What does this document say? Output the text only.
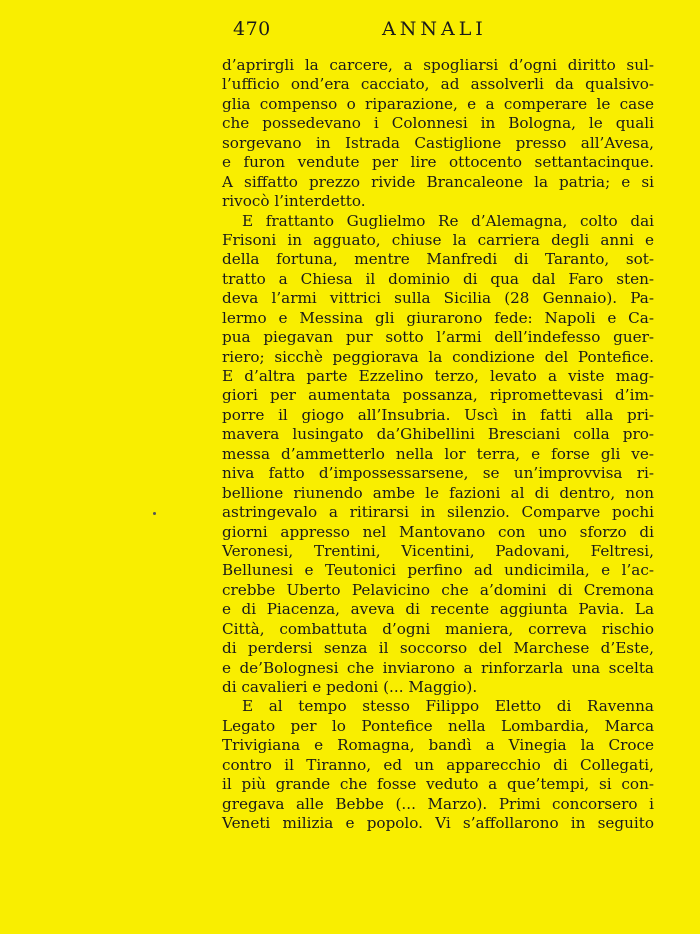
470	ANNALI
d’aprirgli la carcere, a spogliarsi d’ogni diritto sul-
l’ufficio ond’era cacciato, ad assolverli da qualsivo-
glia compenso o riparazione, e a comperare le case
che possedevano i Colonnesi in Bologna, le quali
sorgevano in Istrada Castiglione presso all’Avesa,
e furon vendute per lire ottocento settantacinque.
A siffatto prezzo rivide Brancaleone la patria; e si
rivocò l’interdetto.
E frattanto Guglielmo Re d’Alemagna, colto dai
Frisoni in agguato, chiuse la carriera degli anni e
della fortuna, mentre Manfredi di Taranto, sot-
tratto a Chiesa il dominio di qua dal Faro sten-
deva l’armi vittrici sulla Sicilia (28 Gennaio). Pa-
lermo e Messina gli giurarono fede: Napoli e Ca-
pua piegavan pur sotto l’armi dell’indefesso guer-
riero; sicchè peggiorava la condizione del Pontefice.
E d’altra parte Ezzelino terzo, levato a viste mag-
giori per aumentata possanza, ripromettevasi d’im-
porre il giogo all’Insubria. Uscì in fatti alla pri-
mavera lusingato da’Ghibellini Bresciani colla pro-
messa d’ammetterlo nella lor terra, e forse gli ve-
niva fatto d’impossessarsene, se un’improvvisa ri-
bellione riunendo ambe le fazioni al di dentro, non
astringevalo a ritirarsi in silenzio. Comparve pochi
giorni appresso nel Mantovano con uno sforzo di
Veronesi, Trentini, Vicentini, Padovani, Feltresi,
Bellunesi e Teutonici perfino ad undicimila, e l’ac-
crebbe Uberto Pelavicino che a’domini di Cremona
e di Piacenza, aveva di recente aggiunta Pavia. La
Città, combattuta d’ogni maniera, correva rischio
di perdersi senza il soccorso del Marchese d’Este,
e de’Bolognesi che inviarono a rinforzarla una scelta
di cavalieri e pedoni (... Maggio).
E al tempo stesso Filippo Eletto di Ravenna
Legato per lo Pontefice nella Lombardia, Marca
Trivigiana e Romagna, bandì a Vinegia la Croce
contro il Tiranno, ed un apparecchio di Collegati,
il più grande che fosse veduto a que’tempi, si con-
gregava alle Bebbe (... Marzo). Primi concorsero i
Veneti milizia e popolo. Vi s’affollarono in seguito
